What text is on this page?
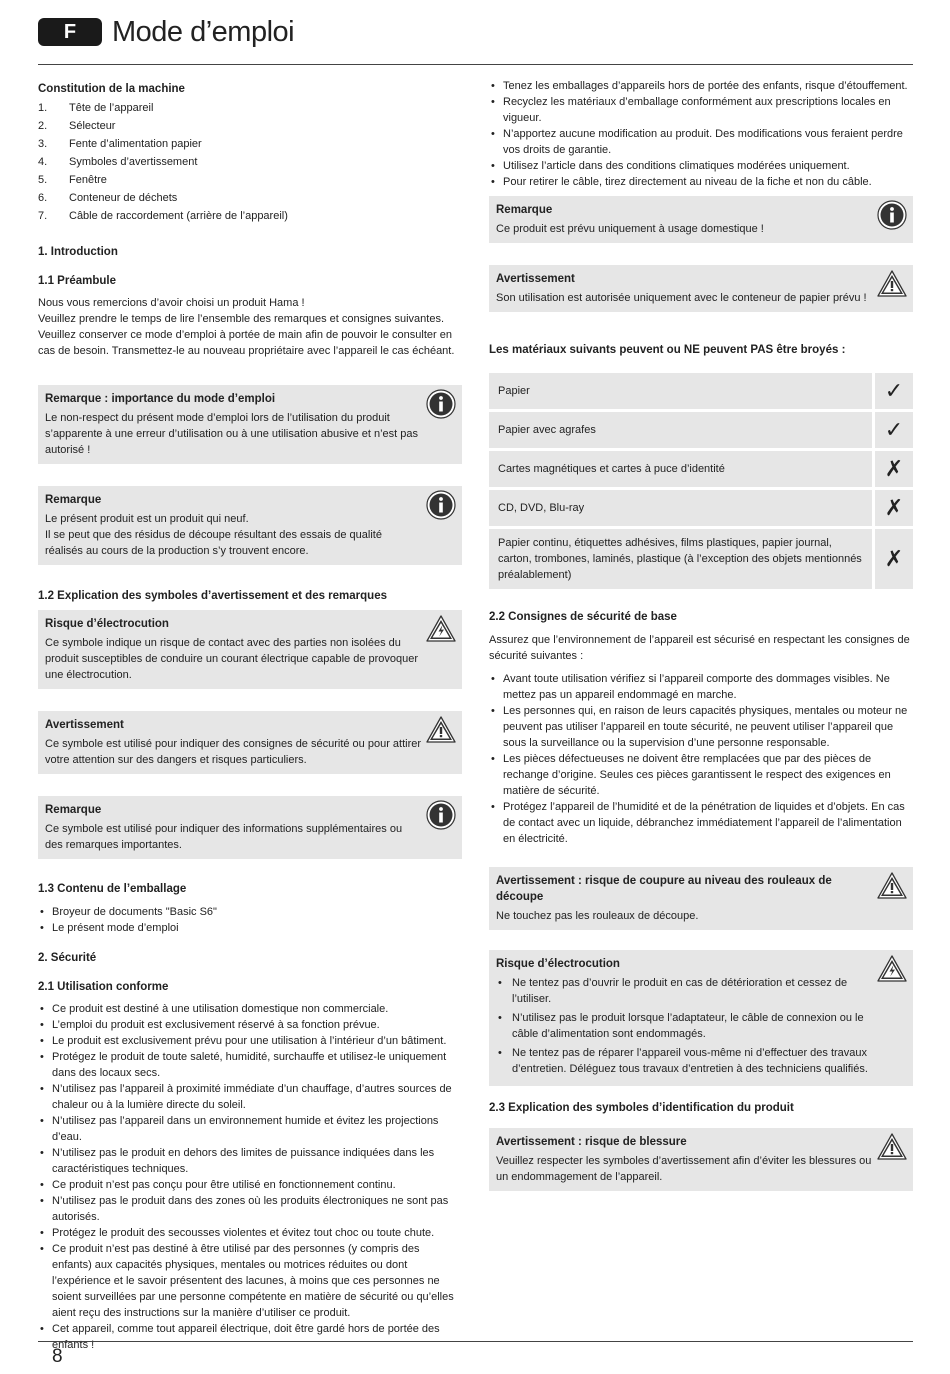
F	Mode d’emploi
Constitution de la machine
1.	Tête de l’appareil
2.	Sélecteur
3.	Fente d’alimentation papier
4.	Symboles d’avertissement
5.	Fenêtre
6.	Conteneur de déchets
7.	Câble de raccordement (arrière de l’appareil)
1. Introduction
1.1 Préambule

Nous vous remercions d’avoir choisi un produit Hama !

Veuillez prendre le temps de lire l’ensemble des remarques et consignes suivantes. Veuillez conserver ce mode d’emploi à portée de main afin de pouvoir le consulter en cas de besoin. Transmettez-le au nouveau propriétaire avec l’appareil le cas échéant.

Remarque : importance du mode d’emploi
Le non-respect du présent mode d’emploi lors de l’utilisation du produit s’apparente à une erreur d’utilisation ou à une utilisation abusive et n’est pas autorisé !
Remarque
Le présent produit est un produit qui neuf.
Il se peut que des résidus de découpe résultant des essais de qualité réalisés au cours de la production s’y trouvent encore.
1.2 Explication des symboles d’avertissement et des remarques
Risque d’électrocution
Ce symbole indique un risque de contact avec des parties non isolées du produit susceptibles de conduire un courant électrique capable de provoquer une électrocution.
Avertissement
Ce symbole est utilisé pour indiquer des consignes de sécurité ou pour attirer votre attention sur des dangers et risques particuliers.
Remarque
Ce symbole est utilisé pour indiquer des informations supplémentaires ou des remarques importantes.
1.3 Contenu de l’emballage
• Broyeur de documents "Basic S6"
• Le présent mode d’emploi
2. Sécurité
2.1 Utilisation conforme
• Ce produit est destiné à une utilisation domestique non commerciale.
• L’emploi du produit est exclusivement réservé à sa fonction prévue.
• Le produit est exclusivement prévu pour une utilisation à l’intérieur d’un bâtiment.
• Protégez le produit de toute saleté, humidité, surchauffe et utilisez-le uniquement dans des locaux secs.
• N’utilisez pas l’appareil à proximité immédiate d’un chauffage, d’autres sources de chaleur ou à la lumière directe du soleil.
• N’utilisez pas l’appareil dans un environnement humide et évitez les projections d’eau.
• N’utilisez pas le produit en dehors des limites de puissance indiquées dans les caractéristiques techniques.
• Ce produit n’est pas conçu pour être utilisé en fonctionnement continu.
• N’utilisez pas le produit dans des zones où les produits électroniques ne sont pas autorisés.
• Protégez le produit des secousses violentes et évitez tout choc ou toute chute.
• Ce produit n’est pas destiné à être utilisé par des personnes (y compris des enfants) aux capacités physiques, mentales ou motrices réduites ou dont l’expérience et le savoir présentent des lacunes, à moins que ces personnes ne soient surveillées par une personne compétente en matière de sécurité ou qu’elles aient reçu des instructions sur la manière d’utiliser ce produit.
• Cet appareil, comme tout appareil électrique, doit être gardé hors de portée des enfants !
• Tenez les emballages d’appareils hors de portée des enfants, risque d’étouffement.
• Recyclez les matériaux d’emballage conformément aux prescriptions locales en vigueur.
• N’apportez aucune modification au produit. Des modifications vous feraient perdre vos droits de garantie.
• Utilisez l’article dans des conditions climatiques modérées uniquement.
• Pour retirer le câble, tirez directement au niveau de la fiche et non du câble.
Remarque
Ce produit est prévu uniquement à usage domestique !
Avertissement
Son utilisation est autorisée uniquement avec le conteneur de papier prévu !
Les matériaux suivants peuvent ou NE peuvent PAS être broyés :
Papier	✓
Papier avec agrafes	✓
Cartes magnétiques et cartes à puce d’identité	✗
CD, DVD, Blu-ray	✗
Papier continu, étiquettes adhésives, films plastiques, papier journal, carton, trombones, laminés, plastique (à l’exception des objets mentionnés préalablement)	✗
2.2 Consignes de sécurité de base

Assurez que l’environnement de l’appareil est sécurisé en respectant les consignes de sécurité suivantes :

• Avant toute utilisation vérifiez si l’appareil comporte des dommages visibles. Ne mettez pas un appareil endommagé en marche.
• Les personnes qui, en raison de leurs capacités physiques, mentales ou moteur ne peuvent pas utiliser l’appareil en toute sécurité, ne peuvent utiliser l’appareil que sous la surveillance ou la supervision d’une personne responsable.
• Les pièces défectueuses ne doivent être remplacées que par des pièces de rechange d’origine. Seules ces pièces garantissent le respect des exigences en matière de sécurité.
• Protégez l’appareil de l’humidité et de la pénétration de liquides et d’objets. En cas de contact avec un liquide, débranchez immédiatement l’appareil de l’alimentation en électricité.
Avertissement : risque de coupure au niveau des rouleaux de découpe
Ne touchez pas les rouleaux de découpe.
Risque d’électrocution
• Ne tentez pas d’ouvrir le produit en cas de détérioration et cessez de l’utiliser.
• N’utilisez pas le produit lorsque l’adaptateur, le câble de connexion ou le câble d’alimentation sont endommagés.
• Ne tentez pas de réparer l’appareil vous-même ni d’effectuer des travaux d’entretien. Déléguez tous travaux d’entretien à des techniciens qualifiés.
2.3 Explication des symboles d’identification du produit
Avertissement : risque de blessure
Veuillez respecter les symboles d’avertissement afin d’éviter les blessures ou un endommagement de l’appareil.
8
